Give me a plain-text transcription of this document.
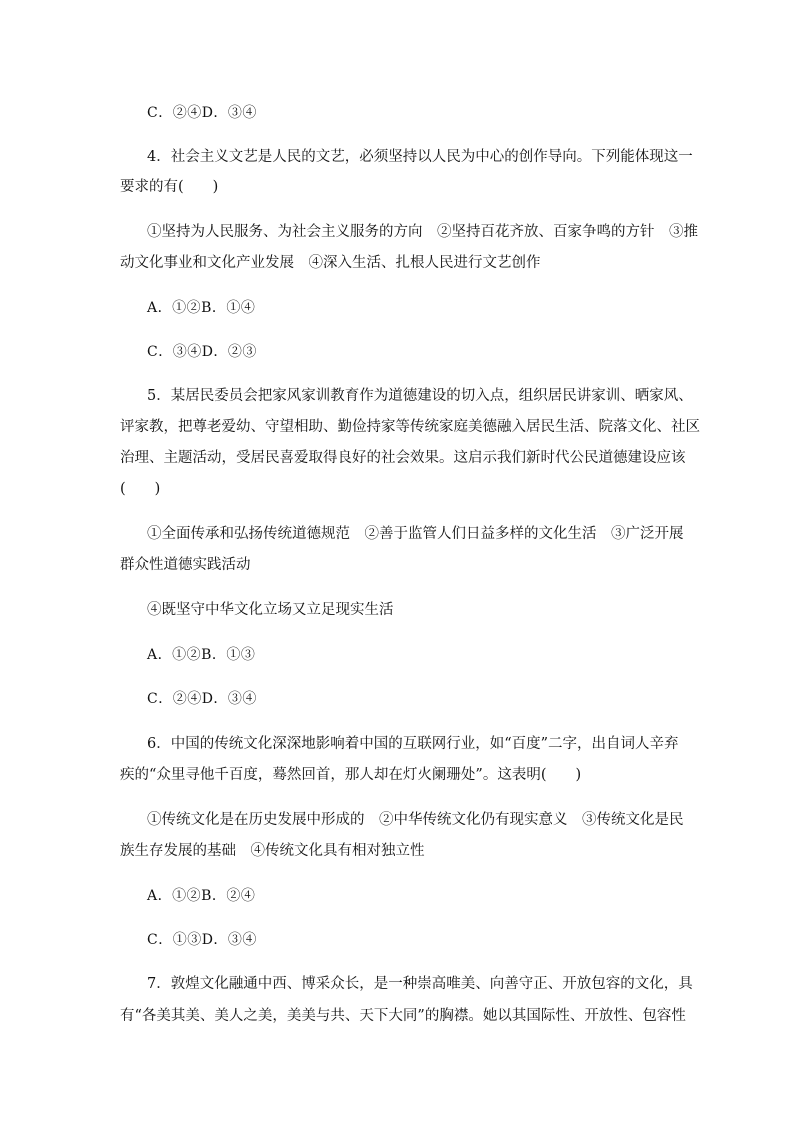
C．②④D．③④
4．社会主义文艺是人民的文艺，必须坚持以人民为中心的创作导向。下列能体现这一
要求的有(　　)
①坚持为人民服务、为社会主义服务的方向　②坚持百花齐放、百家争鸣的方针　③推
动文化事业和文化产业发展　④深入生活、扎根人民进行文艺创作
A．①②B．①④
C．③④D．②③
5．某居民委员会把家风家训教育作为道德建设的切入点，组织居民讲家训、晒家风、
评家教，把尊老爱幼、守望相助、勤俭持家等传统家庭美德融入居民生活、院落文化、社区
治理、主题活动，受居民喜爱取得良好的社会效果。这启示我们新时代公民道德建设应该
(　　)
①全面传承和弘扬传统道德规范　②善于监管人们日益多样的文化生活　③广泛开展
群众性道德实践活动
④既坚守中华文化立场又立足现实生活
A．①②B．①③
C．②④D．③④
6．中国的传统文化深深地影响着中国的互联网行业，如“百度”二字，出自词人辛弃
疾的“众里寻他千百度，蓦然回首，那人却在灯火阑珊处”。这表明(　　)
①传统文化是在历史发展中形成的　②中华传统文化仍有现实意义　③传统文化是民
族生存发展的基础　④传统文化具有相对独立性
A．①②B．②④
C．①③D．③④
7．敦煌文化融通中西、博采众长，是一种崇高唯美、向善守正、开放包容的文化，具
有“各美其美、美人之美，美美与共、天下大同”的胸襟。她以其国际性、开放性、包容性
